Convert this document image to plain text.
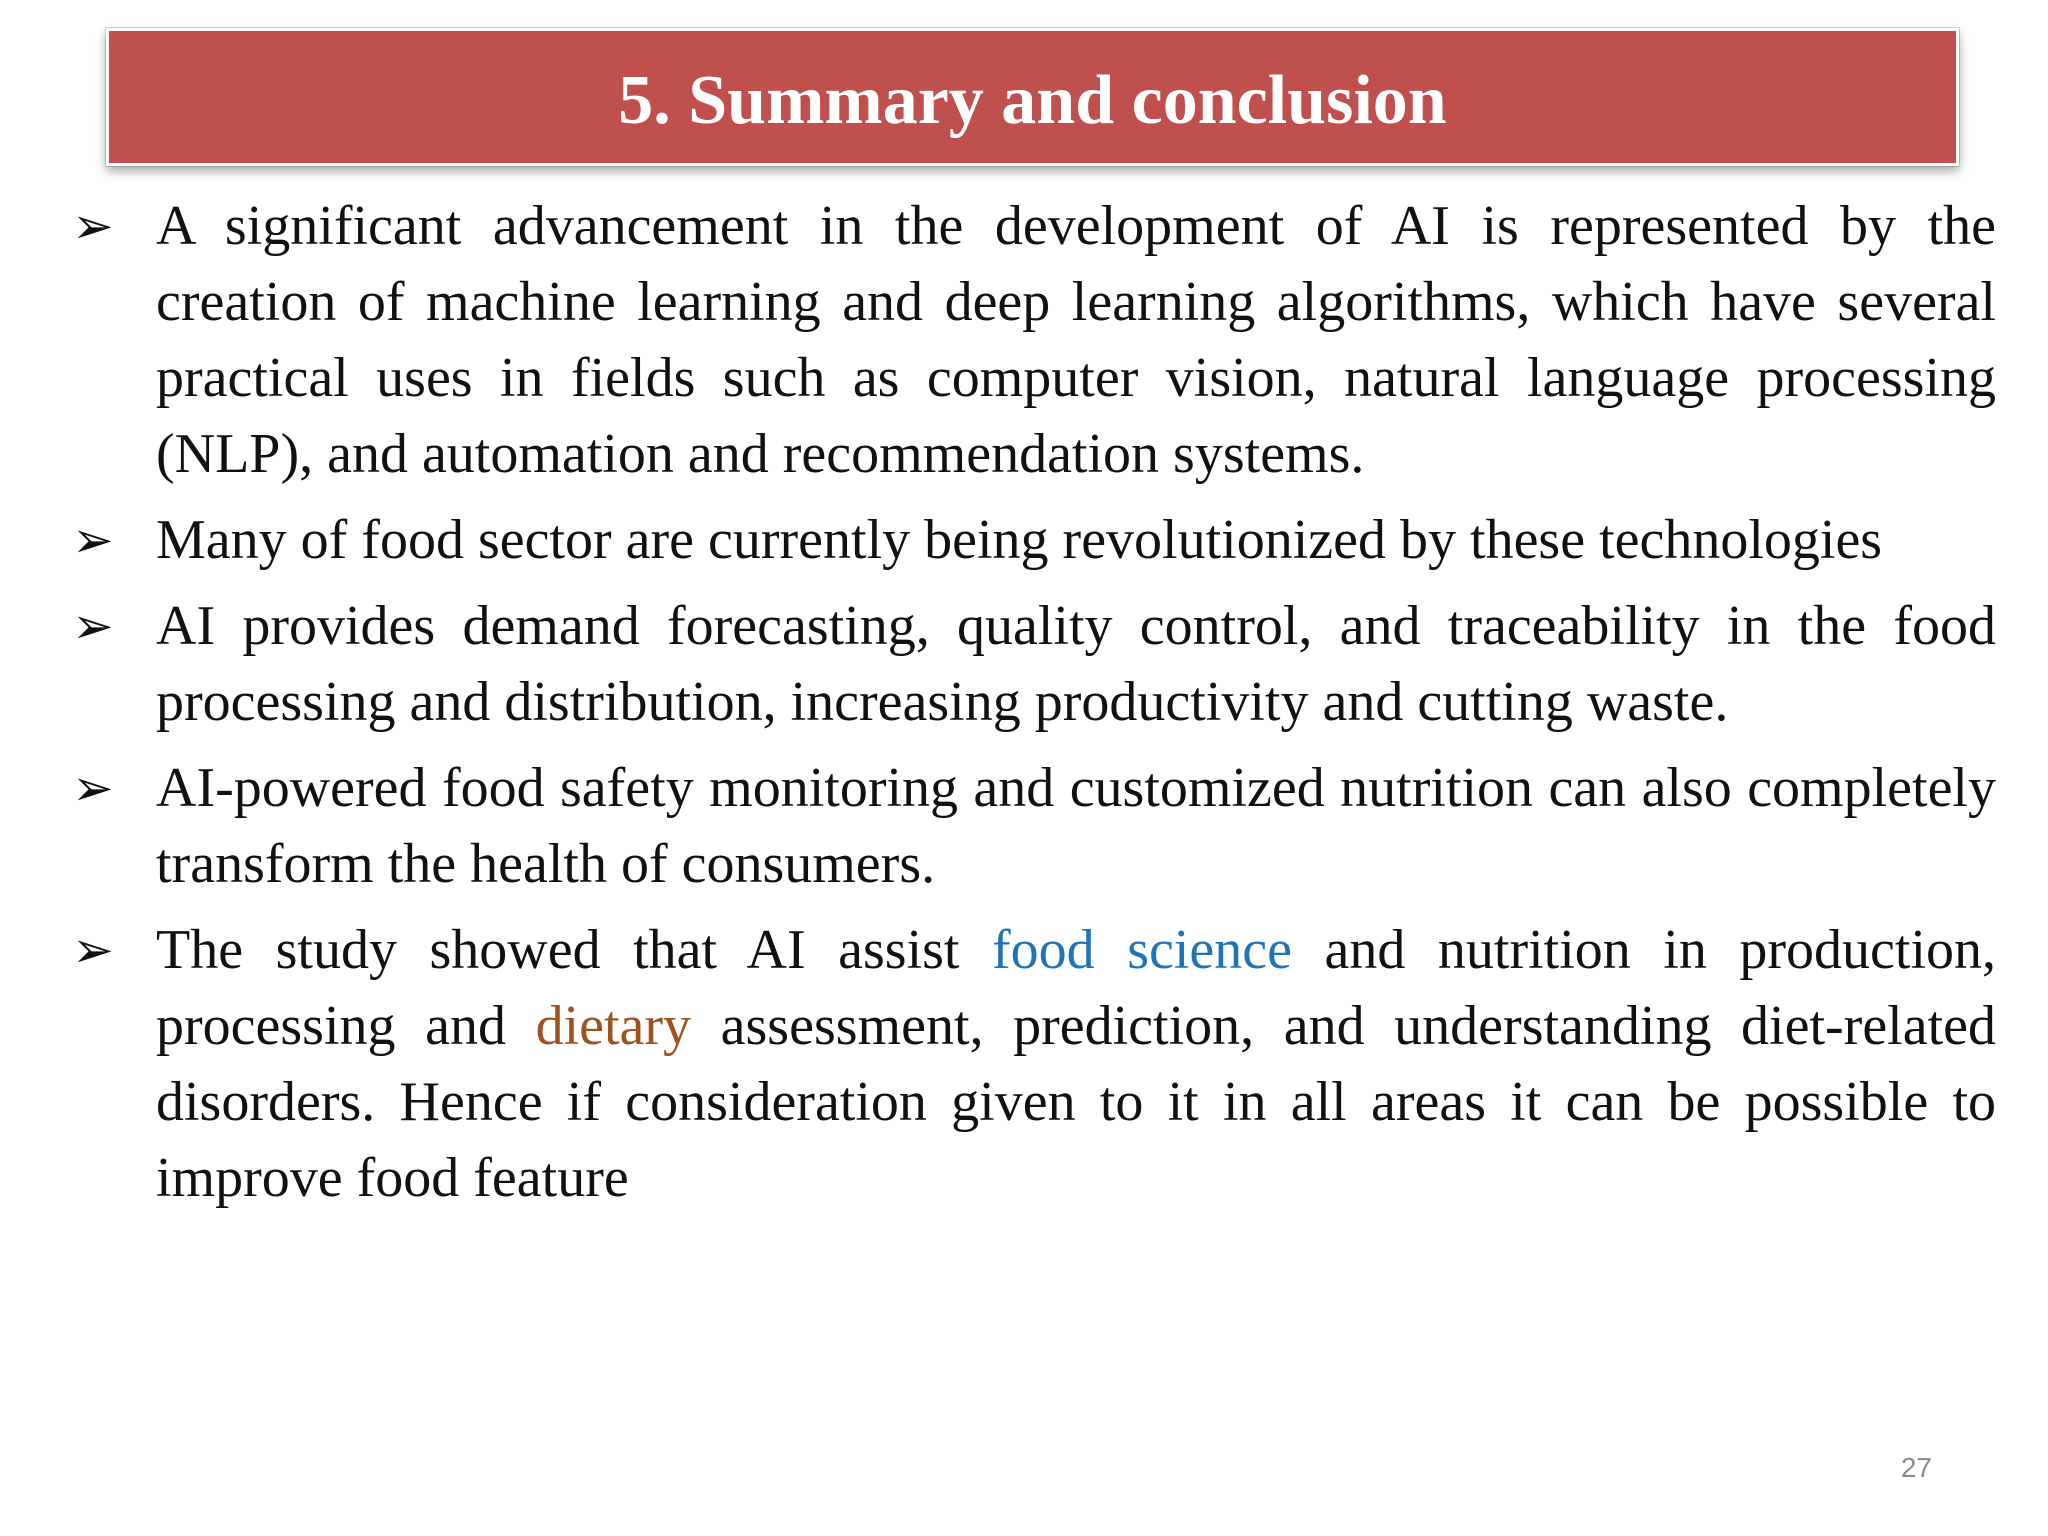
5. Summary and conclusion
➢ A significant advancement in the development of AI is represented by the creation of machine learning and deep learning algorithms, which have several practical uses in fields such as computer vision, natural language processing (NLP), and automation and recommendation systems.
➢ Many of food sector are currently being revolutionized by these technologies
➢ AI provides demand forecasting, quality control, and traceability in the food processing and distribution, increasing productivity and cutting waste.
➢ AI-powered food safety monitoring and customized nutrition can also completely transform the health of consumers.
➢ The study showed that AI assist food science and nutrition in production, processing and dietary assessment, prediction, and understanding diet-related disorders. Hence if consideration given to it in all areas it can be possible to improve food feature
27
